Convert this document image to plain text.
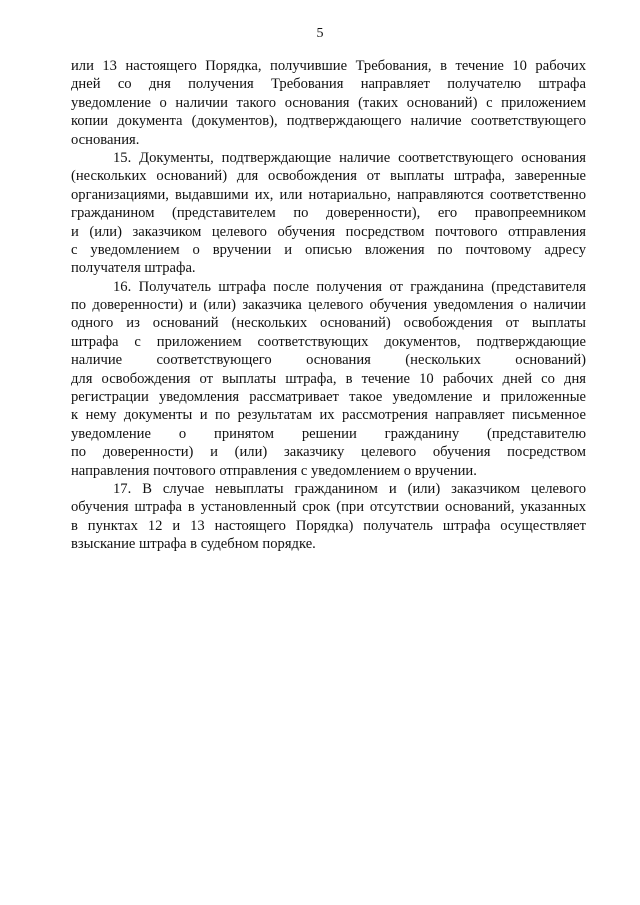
5
или 13 настоящего Порядка, получившие Требования, в течение 10 рабочих
дней со дня получения Требования направляет получателю штрафа
уведомление о наличии такого основания (таких оснований) с приложением
копии документа (документов), подтверждающего наличие соответствующего
основания.
15. Документы, подтверждающие наличие соответствующего основания
(нескольких оснований) для освобождения от выплаты штрафа, заверенные
организациями, выдавшими их, или нотариально, направляются соответственно
гражданином (представителем по доверенности), его правопреемником
и (или) заказчиком целевого обучения посредством почтового отправления
с уведомлением о вручении и описью вложения по почтовому адресу
получателя штрафа.
16. Получатель штрафа после получения от гражданина (представителя
по доверенности) и (или) заказчика целевого обучения уведомления о наличии
одного из оснований (нескольких оснований) освобождения от выплаты
штрафа с приложением соответствующих документов, подтверждающие
наличие соответствующего основания (нескольких оснований)
для освобождения от выплаты штрафа, в течение 10 рабочих дней со дня
регистрации уведомления рассматривает такое уведомление и приложенные
к нему документы и по результатам их рассмотрения направляет письменное
уведомление о принятом решении гражданину (представителю
по доверенности) и (или) заказчику целевого обучения посредством
направления почтового отправления с уведомлением о вручении.
17. В случае невыплаты гражданином и (или) заказчиком целевого
обучения штрафа в установленный срок (при отсутствии оснований, указанных
в пунктах 12 и 13 настоящего Порядка) получатель штрафа осуществляет
взыскание штрафа в судебном порядке.
